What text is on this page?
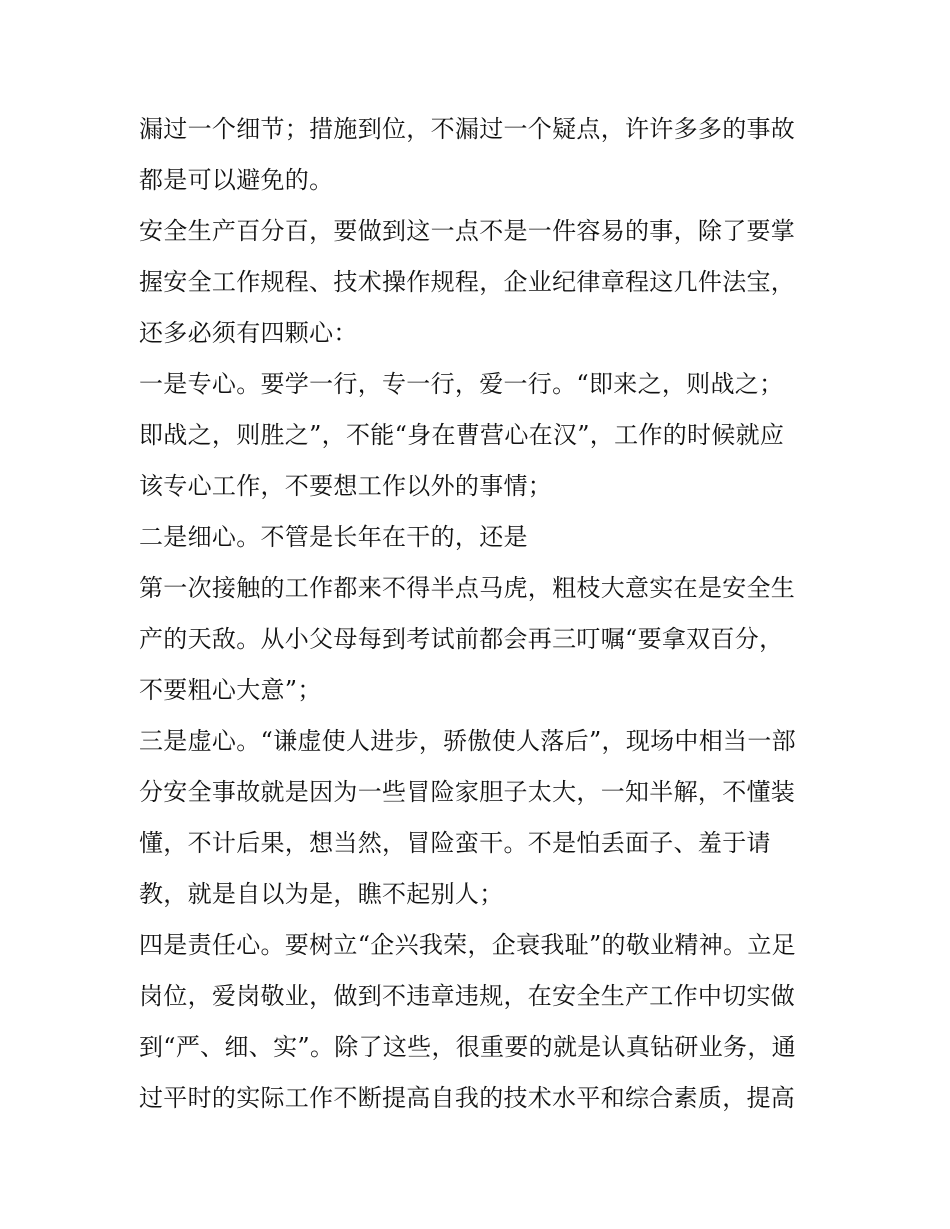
漏过一个细节；措施到位，不漏过一个疑点，许许多多的事故
都是可以避免的。
安全生产百分百，要做到这一点不是一件容易的事，除了要掌
握安全工作规程、技术操作规程，企业纪律章程这几件法宝，
还多必须有四颗心：
一是专心。要学一行，专一行，爱一行。“即来之，则战之；
即战之，则胜之”，不能“身在曹营心在汉”，工作的时候就应
该专心工作，不要想工作以外的事情；
二是细心。不管是长年在干的，还是
第一次接触的工作都来不得半点马虎，粗枝大意实在是安全生
产的天敌。从小父母每到考试前都会再三叮嘱“要拿双百分，
不要粗心大意”；
三是虚心。“谦虚使人进步，骄傲使人落后”，现场中相当一部
分安全事故就是因为一些冒险家胆子太大，一知半解，不懂装
懂，不计后果，想当然，冒险蛮干。不是怕丢面子、羞于请
教，就是自以为是，瞧不起别人；
四是责任心。要树立“企兴我荣，企衰我耻”的敬业精神。立足
岗位，爱岗敬业，做到不违章违规，在安全生产工作中切实做
到“严、细、实”。除了这些，很重要的就是认真钻研业务，通
过平时的实际工作不断提高自我的技术水平和综合素质，提高
